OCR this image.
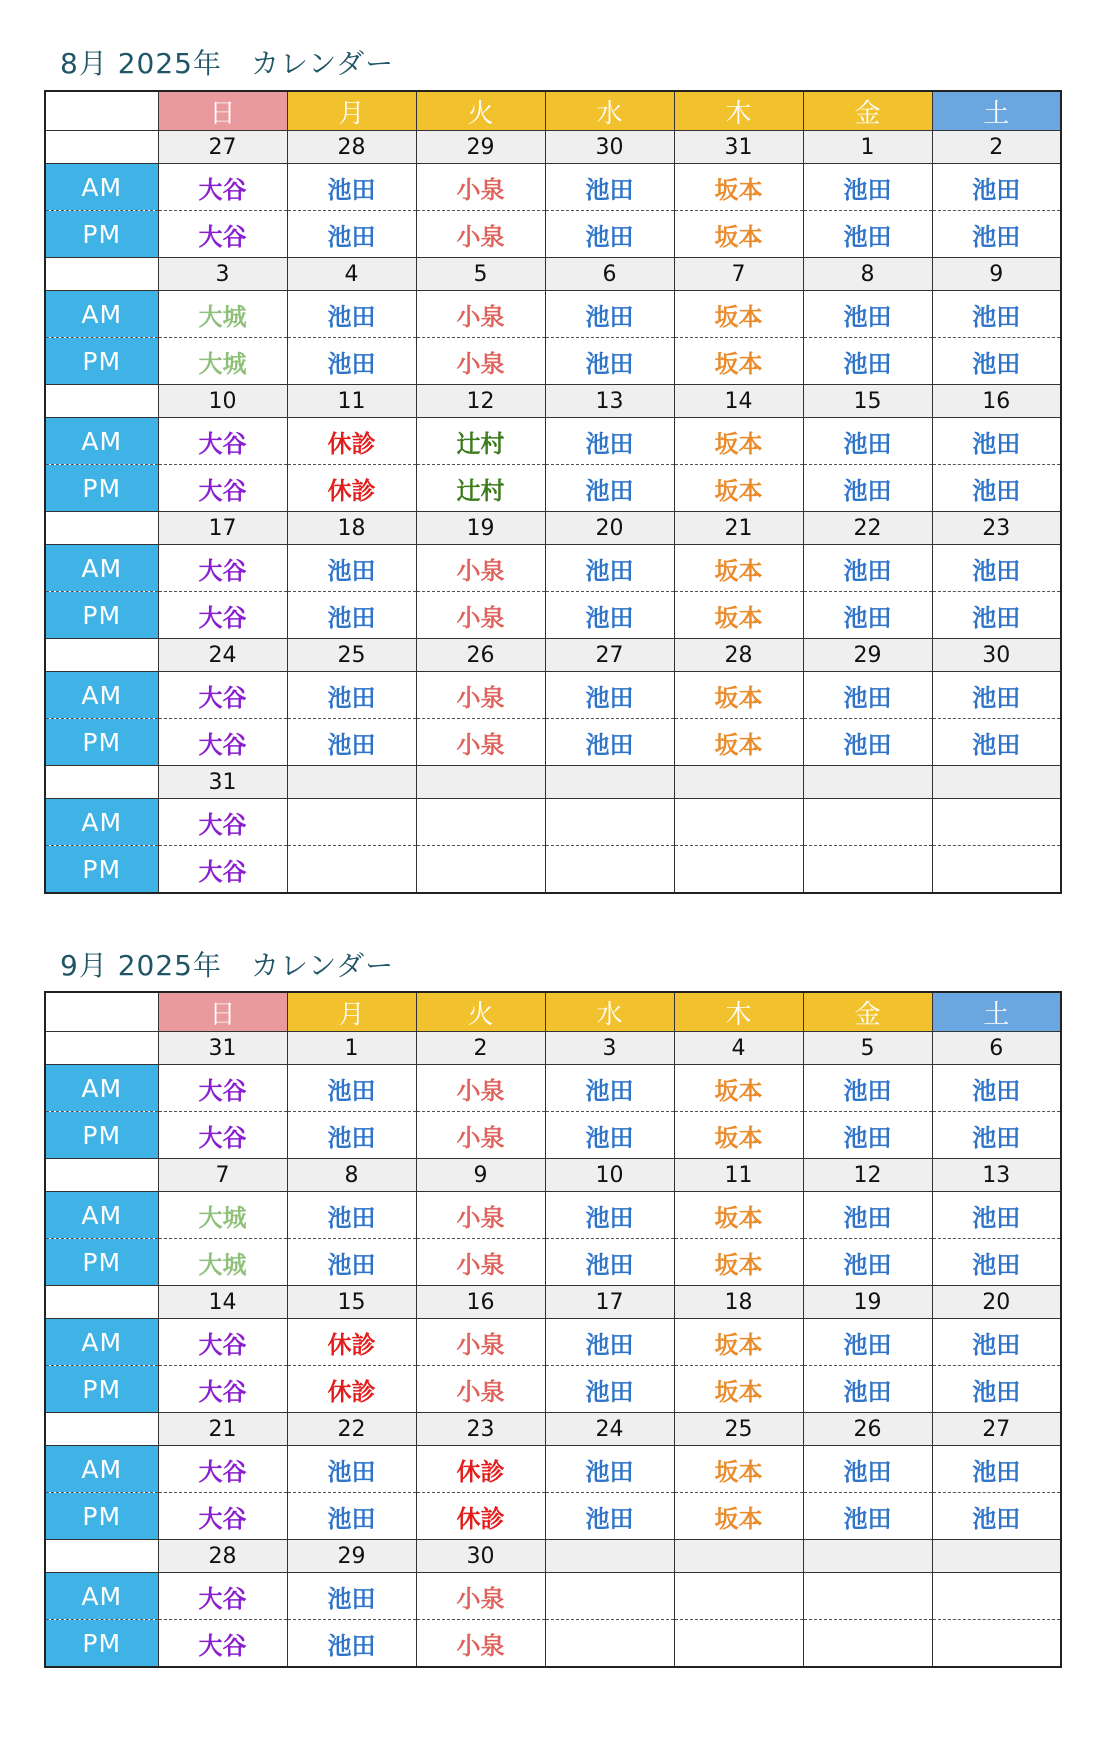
8月 2025年　カレンダー
	日	月	火	水	木	金	土
	27	28	29	30	31	1	2
AM	大谷	池田	小泉	池田	坂本	池田	池田
PM	大谷	池田	小泉	池田	坂本	池田	池田
	3	4	5	6	7	8	9
AM	大城	池田	小泉	池田	坂本	池田	池田
PM	大城	池田	小泉	池田	坂本	池田	池田
	10	11	12	13	14	15	16
AM	大谷	休診	辻村	池田	坂本	池田	池田
PM	大谷	休診	辻村	池田	坂本	池田	池田
	17	18	19	20	21	22	23
AM	大谷	池田	小泉	池田	坂本	池田	池田
PM	大谷	池田	小泉	池田	坂本	池田	池田
	24	25	26	27	28	29	30
AM	大谷	池田	小泉	池田	坂本	池田	池田
PM	大谷	池田	小泉	池田	坂本	池田	池田
	31						
AM	大谷						
PM	大谷						
9月 2025年　カレンダー
	日	月	火	水	木	金	土
	31	1	2	3	4	5	6
AM	大谷	池田	小泉	池田	坂本	池田	池田
PM	大谷	池田	小泉	池田	坂本	池田	池田
	7	8	9	10	11	12	13
AM	大城	池田	小泉	池田	坂本	池田	池田
PM	大城	池田	小泉	池田	坂本	池田	池田
	14	15	16	17	18	19	20
AM	大谷	休診	小泉	池田	坂本	池田	池田
PM	大谷	休診	小泉	池田	坂本	池田	池田
	21	22	23	24	25	26	27
AM	大谷	池田	休診	池田	坂本	池田	池田
PM	大谷	池田	休診	池田	坂本	池田	池田
	28	29	30				
AM	大谷	池田	小泉				
PM	大谷	池田	小泉				
